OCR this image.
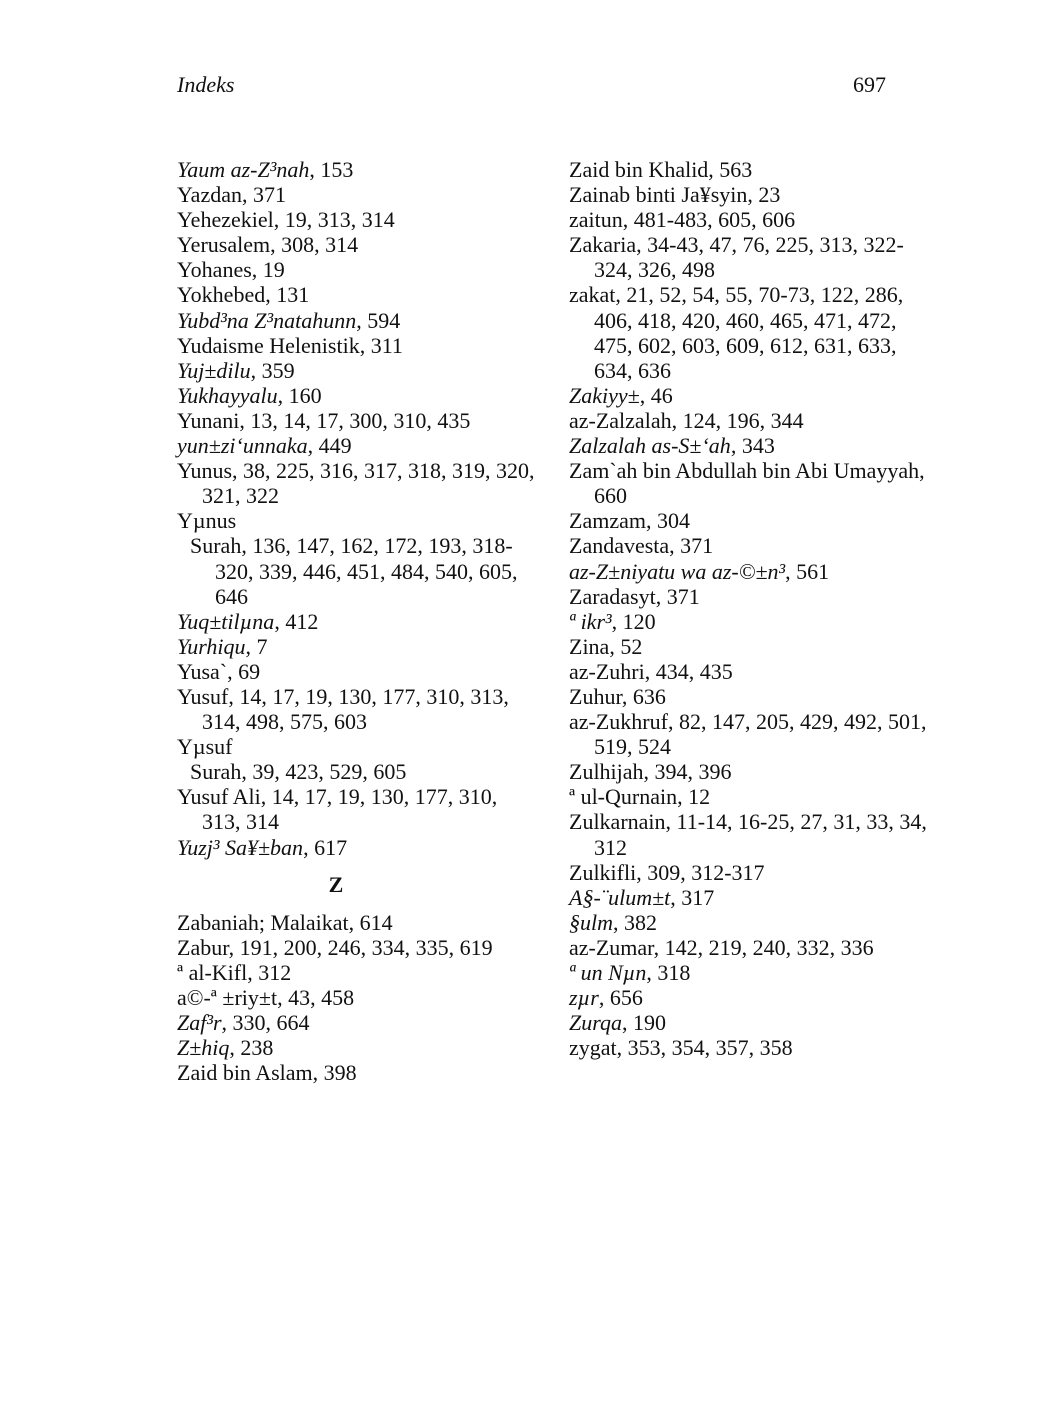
Indeks	697
Yaum az-Z³nah, 153
Yazdan, 371
Yehezekiel, 19, 313, 314
Yerusalem, 308, 314
Yohanes, 19
Yokhebed, 131
Yubd³na Z³natahunn, 594
Yudaisme Helenistik, 311
Yuj±dilu, 359
Yukhayyalu, 160
Yunani, 13, 14, 17, 300, 310, 435
yun±zi‘unnaka, 449
Yunus, 38, 225, 316, 317, 318, 319, 320, 321, 322
Yµnus
Surah, 136, 147, 162, 172, 193, 318-320, 339, 446, 451, 484, 540, 605, 646
Yuq±tilµna, 412
Yurhiqu, 7
Yusa`, 69
Yusuf, 14, 17, 19, 130, 177, 310, 313, 314, 498, 575, 603
Yµsuf
Surah, 39, 423, 529, 605
Yusuf Ali, 14, 17, 19, 130, 177, 310, 313, 314
Yuzj³ Sa¥±ban, 617
Z
Zabaniah; Malaikat, 614
Zabur, 191, 200, 246, 334, 335, 619
ª al-Kifl, 312
a©-ª ±riy±t, 43, 458
Zaf³r, 330, 664
Z±hiq, 238
Zaid bin Aslam, 398
Zaid bin Khalid, 563
Zainab binti Ja¥syin, 23
zaitun, 481-483, 605, 606
Zakaria, 34-43, 47, 76, 225, 313, 322-324, 326, 498
zakat, 21, 52, 54, 55, 70-73, 122, 286, 406, 418, 420, 460, 465, 471, 472, 475, 602, 603, 609, 612, 631, 633, 634, 636
Zakiyy±, 46
az-Zalzalah, 124, 196, 344
Zalzalah as-S±‘ah, 343
Zam`ah bin Abdullah bin Abi Umayyah, 660
Zamzam, 304
Zandavesta, 371
az-Z±niyatu wa az-©±n³, 561
Zaradasyt, 371
ª ikr³, 120
Zina, 52
az-Zuhri, 434, 435
Zuhur, 636
az-Zukhruf, 82, 147, 205, 429, 492, 501, 519, 524
Zulhijah, 394, 396
ª ul-Qurnain, 12
Zulkarnain, 11-14, 16-25, 27, 31, 33, 34, 312
Zulkifli, 309, 312-317
A§-¨ulum±t, 317
§ulm, 382
az-Zumar, 142, 219, 240, 332, 336
ª un Nµn, 318
zµr, 656
Zurqa, 190
zygat, 353, 354, 357, 358
